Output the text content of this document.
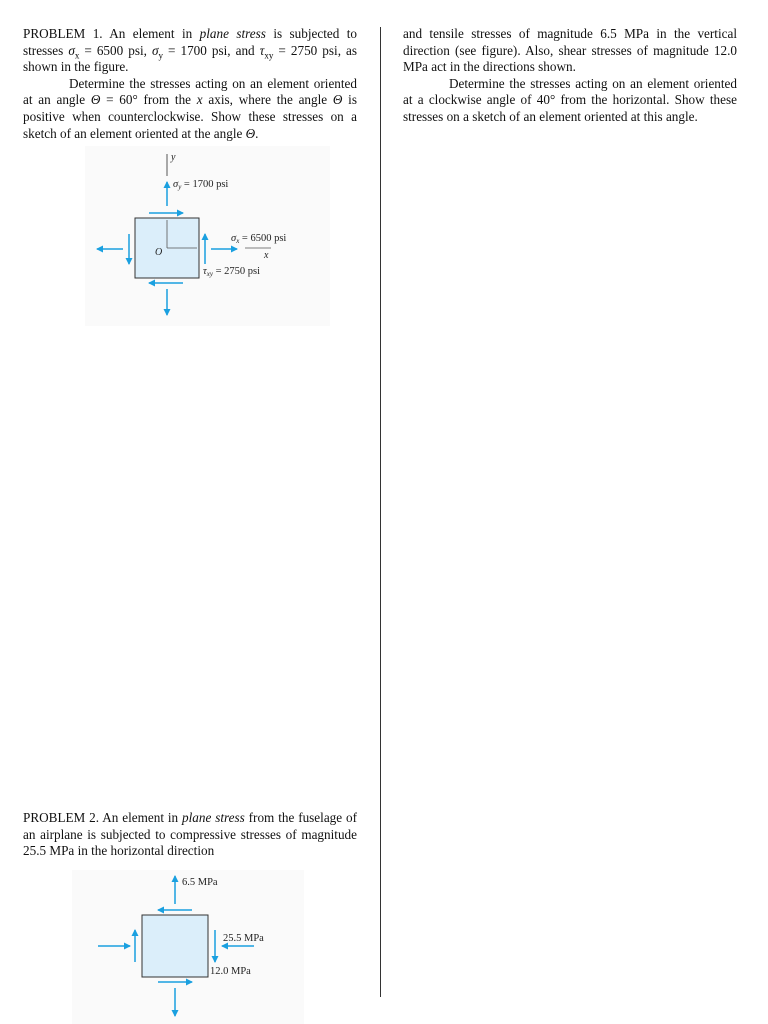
PROBLEM 1. An element in plane stress is subjected to stresses $\sigma_x = 6500$ psi, $\sigma_y = 1700$ psi, and $\tau_{xy} = 2750$ psi, as shown in the figure.

Determine the stresses acting on an element oriented at an angle Θ = 60° from the x axis, where the angle Θ is positive when counterclockwise. Show these stresses on a sketch of an element oriented at the angle Θ.

y
σy = 1700 psi
O
σx = 6500 psi
x
τxy = 2750 psi

and tensile stresses of magnitude 6.5 MPa in the vertical direction (see figure). Also, shear stresses of magnitude 12.0 MPa act in the directions shown.

Determine the stresses acting on an element oriented at a clockwise angle of 40° from the horizontal. Show these stresses on a sketch of an element oriented at this angle.

PROBLEM 2. An element in plane stress from the fuselage of an airplane is subjected to compressive stresses of magnitude 25.5 MPa in the horizontal direction

6.5 MPa
25.5 MPa
12.0 MPa
